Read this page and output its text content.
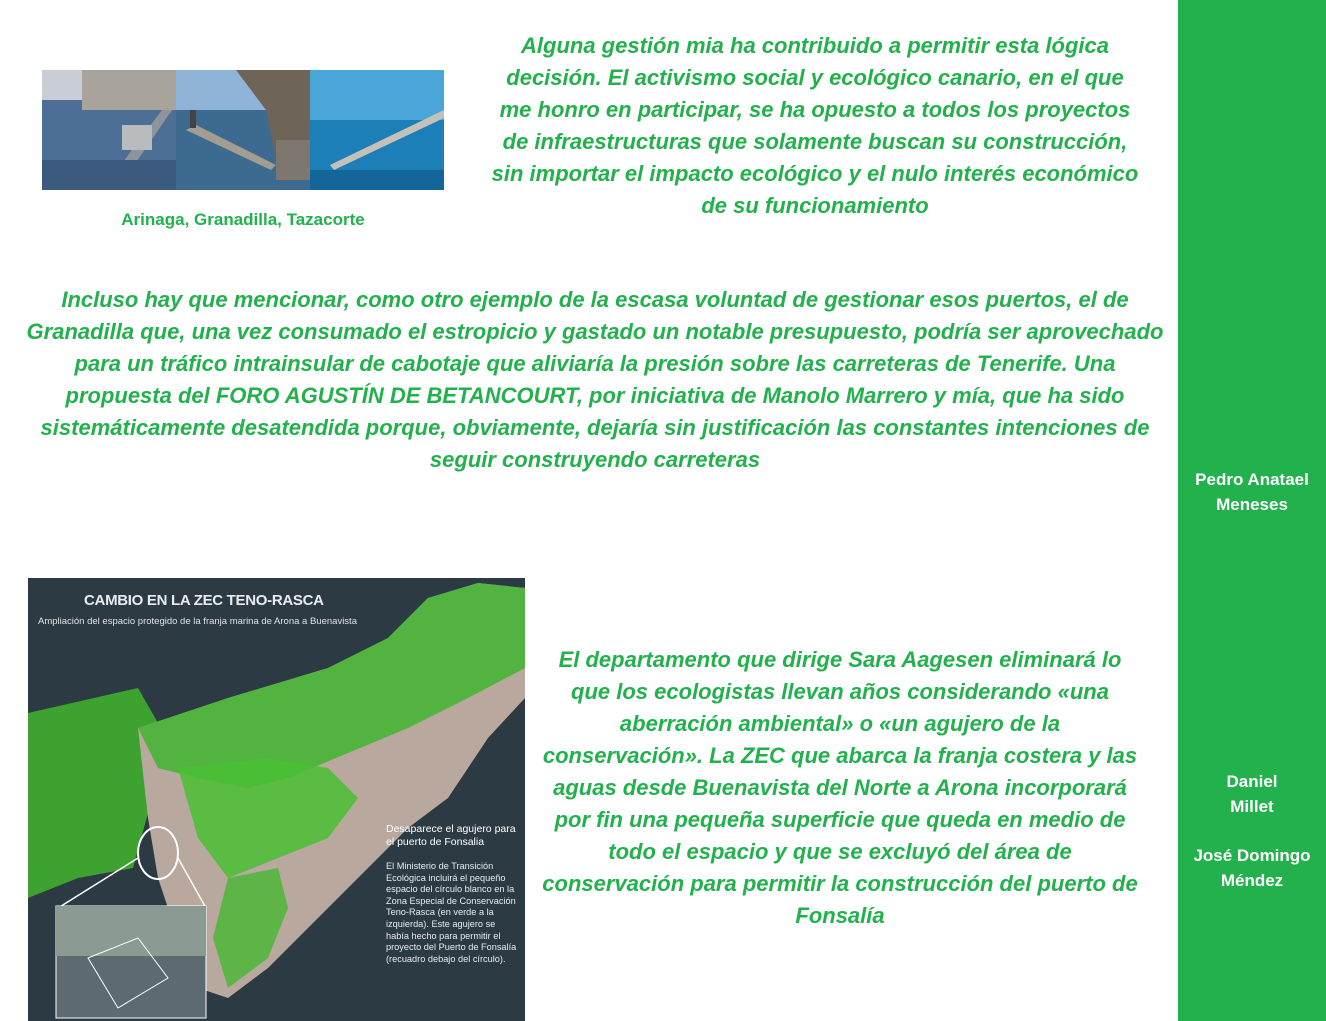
Arinaga, Granadilla, Tazacorte
Alguna gestión mia ha contribuido a permitir esta lógica decisión. El activismo social y ecológico canario, en el que me honro en participar, se ha opuesto a todos los proyectos de infraestructuras que solamente buscan su construcción, sin importar el impacto ecológico y el nulo interés económico de su funcionamiento
Incluso hay que mencionar, como otro ejemplo de la escasa voluntad de gestionar esos puertos, el de Granadilla que, una vez consumado el estropicio y gastado un notable presupuesto, podría ser aprovechado para un tráfico intrainsular de cabotaje que aliviaría la presión sobre las carreteras de Tenerife. Una propuesta del FORO AGUSTÍN DE BETANCOURT, por iniciativa de Manolo Marrero y mía, que ha sido sistemáticamente desatendida porque, obviamente, dejaría sin justificación las constantes intenciones de seguir construyendo carreteras
El departamento que dirige Sara Aagesen eliminará lo que los ecologistas llevan años considerando «una aberración ambiental» o «un agujero de la conservación». La ZEC que abarca la franja costera y las aguas desde Buenavista del Norte a Arona incorporará por fin una pequeña superficie que queda en medio de todo el espacio y que se excluyó del área de conservación para permitir la construcción del puerto de Fonsalía
CAMBIO EN LA ZEC TENO-RASCA
Ampliación del espacio protegido de la franja marina de Arona a Buenavista
Desaparece el agujero para el puerto de Fonsalia
El Ministerio de Transición Ecológica incluirá el pequeño espacio del círculo blanco en la Zona Especial de Conservación Teno-Rasca (en verde a la izquierda). Este agujero se había hecho para permitir el proyecto del Puerto de Fonsalía (recuadro debajo del círculo).
Pedro Anatael
Meneses
Daniel
Millet
José Domingo
Méndez
